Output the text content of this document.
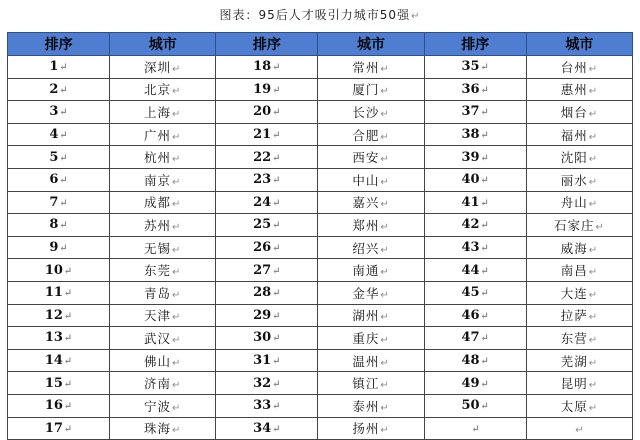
图表：95后人才吸引力城市50强↵
排序	城市	排序	城市	排序	城市
1↵	深圳↵	18↵	常州↵	35↵	台州↵
2↵	北京↵	19↵	厦门↵	36↵	惠州↵
3↵	上海↵	20↵	长沙↵	37↵	烟台↵
4↵	广州↵	21↵	合肥↵	38↵	福州↵
5↵	杭州↵	22↵	西安↵	39↵	沈阳↵
6↵	南京↵	23↵	中山↵	40↵	丽水↵
7↵	成都↵	24↵	嘉兴↵	41↵	舟山↵
8↵	苏州↵	25↵	郑州↵	42↵	石家庄↵
9↵	无锡↵	26↵	绍兴↵	43↵	威海↵
10↵	东莞↵	27↵	南通↵	44↵	南昌↵
11↵	青岛↵	28↵	金华↵	45↵	大连↵
12↵	天津↵	29↵	湖州↵	46↵	拉萨↵
13↵	武汉↵	30↵	重庆↵	47↵	东营↵
14↵	佛山↵	31↵	温州↵	48↵	芜湖↵
15↵	济南↵	32↵	镇江↵	49↵	昆明↵
16↵	宁波↵	33↵	泰州↵	50↵	太原↵
17↵	珠海↵	34↵	扬州↵	↵	↵
